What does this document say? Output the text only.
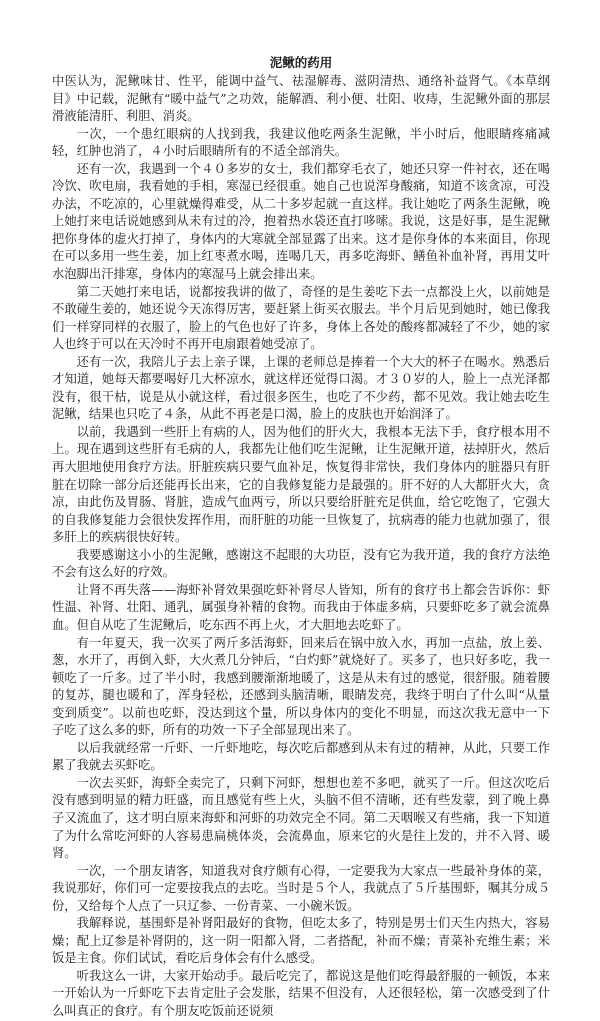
泥鳅的药用

中医认为，泥鳅味甘、性平，能调中益气、祛湿解毒、滋阴清热、通络补益肾气。《本草纲目》中记载，泥鳅有“暖中益气”之功效，能解酒、利小便、壮阳、收痔，生泥鳅外面的那层滑液能清肝、利胆、消炎。

一次，一个患红眼病的人找到我，我建议他吃两条生泥鳅，半小时后，他眼睛疼痛减轻，红肿也消了，４小时后眼睛所有的不适全部消失。

还有一次，我遇到一个４０多岁的女士，我们都穿毛衣了，她还只穿一件衬衣，还在喝冷饮、吹电扇，我看她的手相，寒湿已经很重。她自己也说浑身酸痛，知道不该贪凉，可没办法，不吃凉的，心里就燥得难受，从二十多岁起就一直这样。我让她吃了两条生泥鳅，晚上她打来电话说她感到从未有过的冷，抱着热水袋还直打哆嗦。我说，这是好事，是生泥鳅把你身体的虚火打掉了，身体内的大寒就全部显露了出来。这才是你身体的本来面目，你现在可以多用一些生姜，加上红枣煮水喝，连喝几天，再多吃海虾、鳝鱼补血补肾，再用艾叶水泡脚出汗排寒，身体内的寒湿马上就会排出来。

第二天她打来电话，说都按我讲的做了，奇怪的是生姜吃下去一点都没上火，以前她是不敢碰生姜的，她还说今天冻得厉害，要赶紧上街买衣服去。半个月后见到她时，她已像我们一样穿同样的衣服了，脸上的气色也好了许多，身体上各处的酸疼都减轻了不少，她的家人也终于可以在天冷时不再开电扇跟着她受凉了。

还有一次，我陪儿子去上亲子课，上课的老师总是捧着一个大大的杯子在喝水。熟悉后才知道，她每天都要喝好几大杯凉水，就这样还觉得口渴。才３０岁的人，脸上一点光泽都没有，很干枯，说是从小就这样，看过很多医生，也吃了不少药，都不见效。我让她去吃生泥鳅，结果也只吃了４条，从此不再老是口渴，脸上的皮肤也开始润泽了。

以前，我遇到一些肝上有病的人，因为他们的肝火大，我根本无法下手，食疗根本用不上。现在遇到这些肝有毛病的人，我都先让他们吃生泥鳅，让生泥鳅开道，祛掉肝火，然后再大胆地使用食疗方法。肝脏疾病只要气血补足，恢复得非常快，我们身体内的脏器只有肝脏在切除一部分后还能再长出来，它的自我修复能力是最强的。肝不好的人大都肝火大，贪凉，由此伤及胃肠、肾脏，造成气血两亏，所以只要给肝脏充足供血，给它吃饱了，它强大的自我修复能力会很快发挥作用，而肝脏的功能一旦恢复了，抗病毒的能力也就加强了，很多肝上的疾病很快好转。

我要感谢这小小的生泥鳅，感谢这不起眼的大功臣，没有它为我开道，我的食疗方法绝不会有这么好的疗效。

让肾不再失落——海虾补肾效果强吃虾补肾尽人皆知，所有的食疗书上都会告诉你：虾性温、补肾、壮阳、通乳，属强身补精的食物。而我由于体虚多病，只要虾吃多了就会流鼻血。但自从吃了生泥鳅后，吃东西不再上火，才大胆地去吃虾了。

有一年夏天，我一次买了两斤多活海虾，回来后在锅中放入水，再加一点盐，放上姜、葱，水开了，再倒入虾，大火煮几分钟后，“白灼虾”就烧好了。买多了，也只好多吃，我一顿吃了一斤多。过了半小时，我感到腰渐渐地暖了，这是从未有过的感觉，很舒服。随着腰的复苏，腿也暖和了，浑身轻松，还感到头脑清晰，眼睛发亮，我终于明白了什么叫“从量变到质变”。以前也吃虾，没达到这个量，所以身体内的变化不明显，而这次我无意中一下子吃了这么多的虾，所有的功效一下子全部显现出来了。

以后我就经常一斤虾、一斤虾地吃，每次吃后都感到从未有过的精神，从此，只要工作累了我就去买虾吃。

一次去买虾，海虾全卖完了，只剩下河虾，想想也差不多吧，就买了一斤。但这次吃后没有感到明显的精力旺盛，而且感觉有些上火，头脑不但不清晰，还有些发蒙，到了晚上鼻子又流血了，这才明白原来海虾和河虾的功效完全不同。第二天咽喉又有些痛，我一下知道了为什么常吃河虾的人容易患扁桃体炎，会流鼻血，原来它的火是往上发的，并不入肾、暖肾。

一次，一个朋友请客，知道我对食疗颇有心得，一定要我为大家点一些最补身体的菜，我说那好，你们可一定要按我点的去吃。当时是５个人，我就点了５斤基围虾，嘱其分成５份，又给每个人点了一只辽参、一份青菜、一小碗米饭。

我解释说，基围虾是补肾阳最好的食物，但吃太多了，特别是男士们天生内热大，容易燥；配上辽参是补肾阴的，这一阴一阳都入肾，二者搭配，补而不燥；青菜补充维生素；米饭是主食。你们试试，看吃后身体会有什么感受。

听我这么一讲，大家开始动手。最后吃完了，都说这是他们吃得最舒服的一顿饭，本来一开始认为一斤虾吃下去肯定肚子会发胀，结果不但没有，人还很轻松，第一次感受到了什么叫真正的食疗。有个朋友吃饭前还说须
